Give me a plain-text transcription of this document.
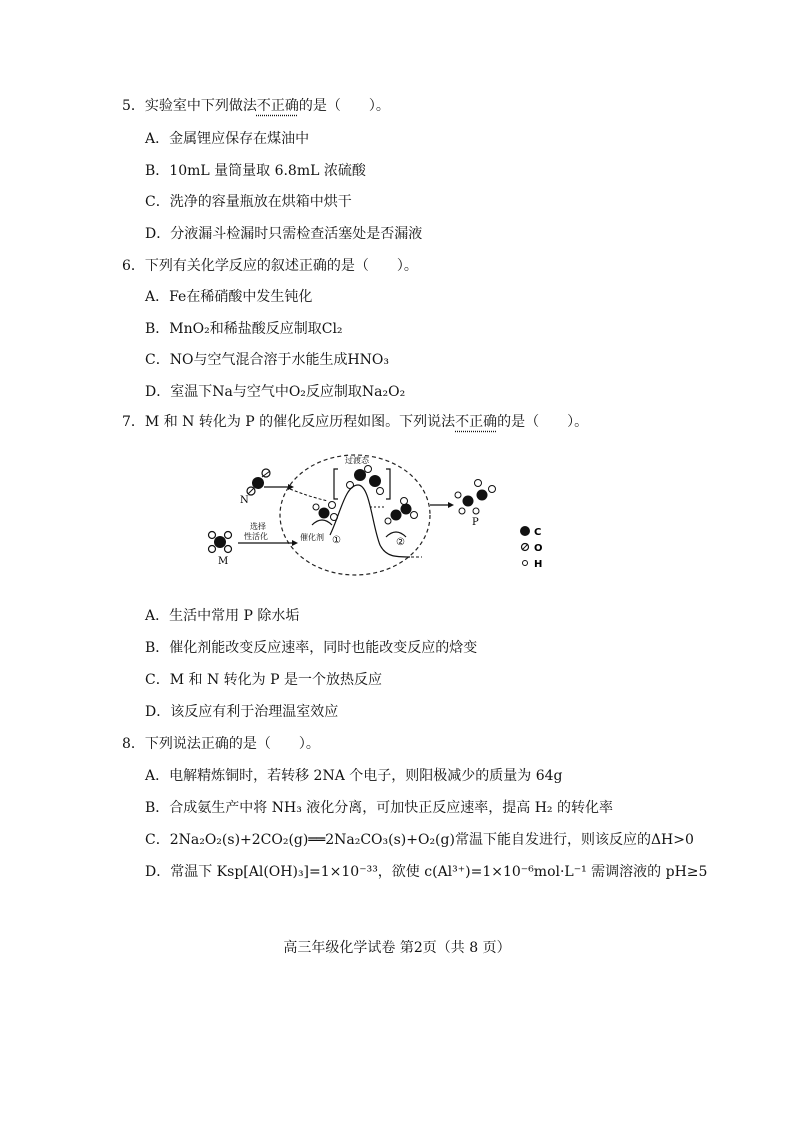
5．实验室中下列做法不正确的是（　　）。
A．金属锂应保存在煤油中
B．10mL 量筒量取 6.8mL 浓硫酸
C．洗净的容量瓶放在烘箱中烘干
D．分液漏斗检漏时只需检查活塞处是否漏液
6．下列有关化学反应的叙述正确的是（　　）。
A．Fe在稀硝酸中发生钝化
B．MnO₂和稀盐酸反应制取Cl₂
C．NO与空气混合溶于水能生成HNO₃
D．室温下Na与空气中O₂反应制取Na₂O₂
7．M 和 N 转化为 P 的催化反应历程如图。下列说法不正确的是（　　）。
N
M
选择
性活化
过渡态
催化剂 ①	②
P
C
O
H
A．生活中常用 P 除水垢
B．催化剂能改变反应速率，同时也能改变反应的焓变
C．M 和 N 转化为 P 是一个放热反应
D．该反应有利于治理温室效应
8．下列说法正确的是（　　）。
A．电解精炼铜时，若转移 2NA 个电子，则阳极减少的质量为 64g
B．合成氨生产中将 NH₃ 液化分离，可加快正反应速率，提高 H₂ 的转化率
C．2Na₂O₂(s)+2CO₂(g)══2Na₂CO₃(s)+O₂(g)常温下能自发进行，则该反应的ΔH>0
D．常温下 Ksp[Al(OH)₃]=1×10⁻³³，欲使 c(Al³⁺)=1×10⁻⁶mol·L⁻¹ 需调溶液的 pH≥5
高三年级化学试卷 第2页（共 8 页）
